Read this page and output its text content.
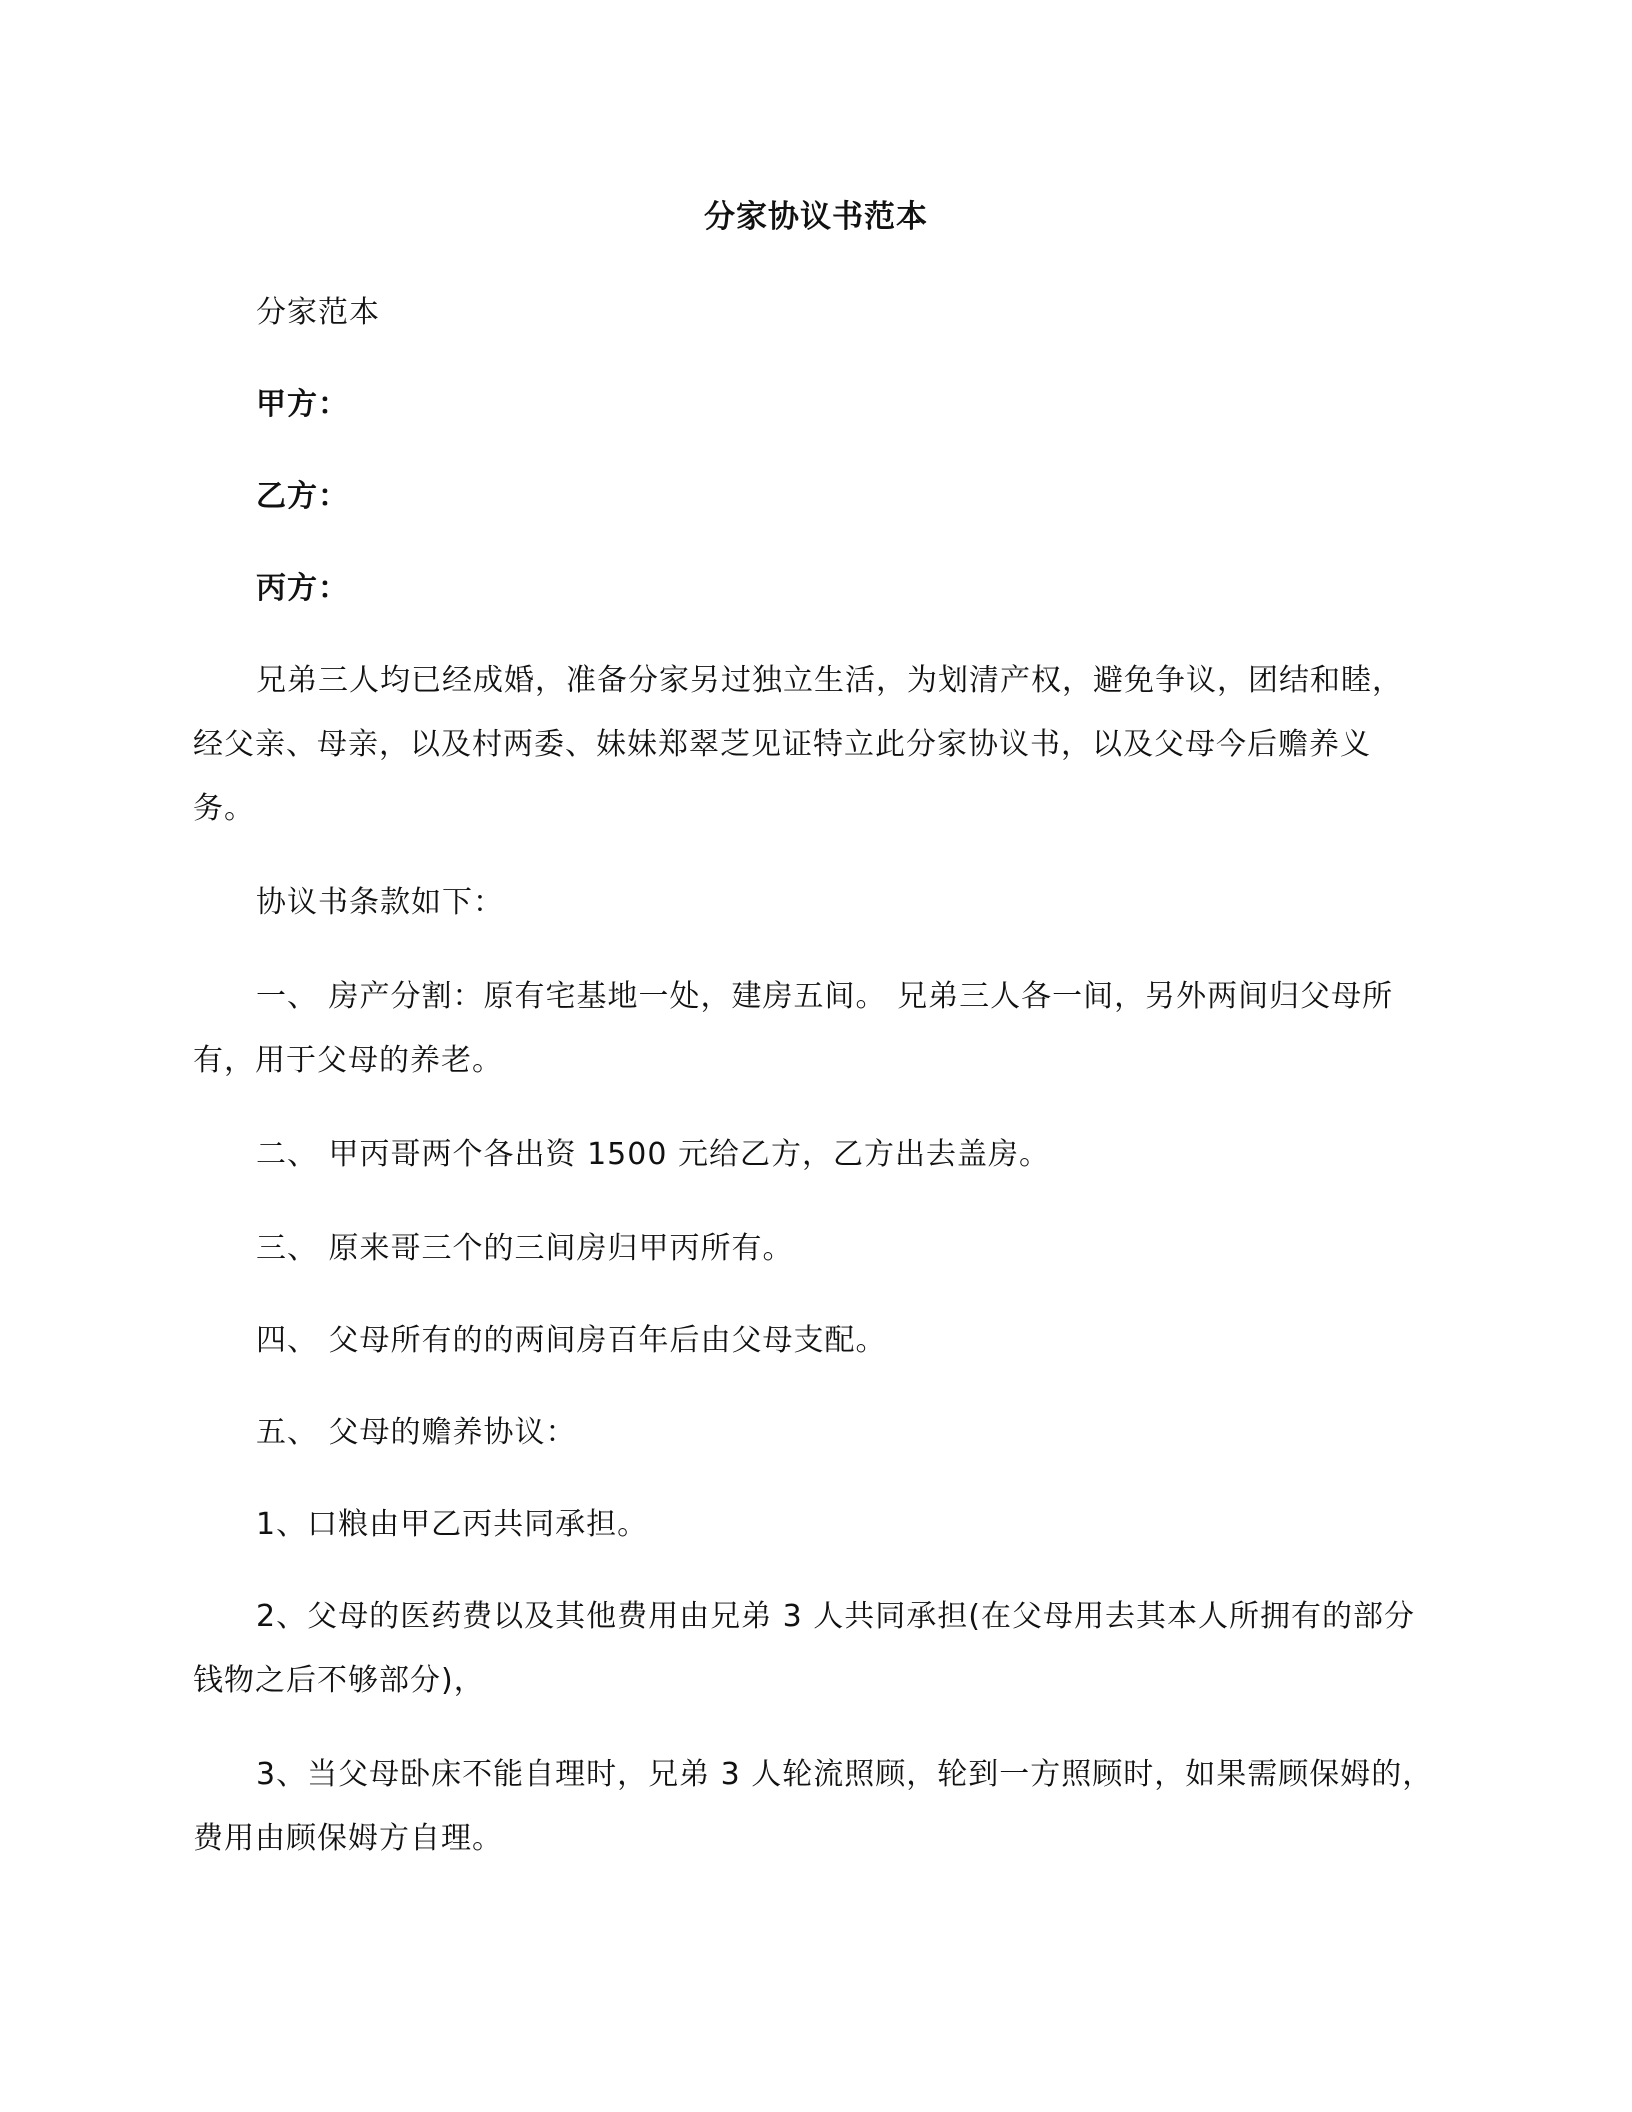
分家协议书范本
分家范本
甲方：
乙方：
丙方：
兄弟三人均已经成婚，准备分家另过独立生活，为划清产权，避免争议，团结和睦，
经父亲、母亲，以及村两委、妹妹郑翠芝见证特立此分家协议书，以及父母今后赡养义
务。
协议书条款如下：
一、 房产分割：原有宅基地一处，建房五间。 兄弟三人各一间，另外两间归父母所
有，用于父母的养老。
二、 甲丙哥两个各出资 1500 元给乙方，乙方出去盖房。
三、 原来哥三个的三间房归甲丙所有。
四、 父母所有的的两间房百年后由父母支配。
五、 父母的赡养协议：
1、口粮由甲乙丙共同承担。
2、父母的医药费以及其他费用由兄弟 3 人共同承担(在父母用去其本人所拥有的部分
钱物之后不够部分)，
3、当父母卧床不能自理时，兄弟 3 人轮流照顾，轮到一方照顾时，如果需顾保姆的，
费用由顾保姆方自理。
